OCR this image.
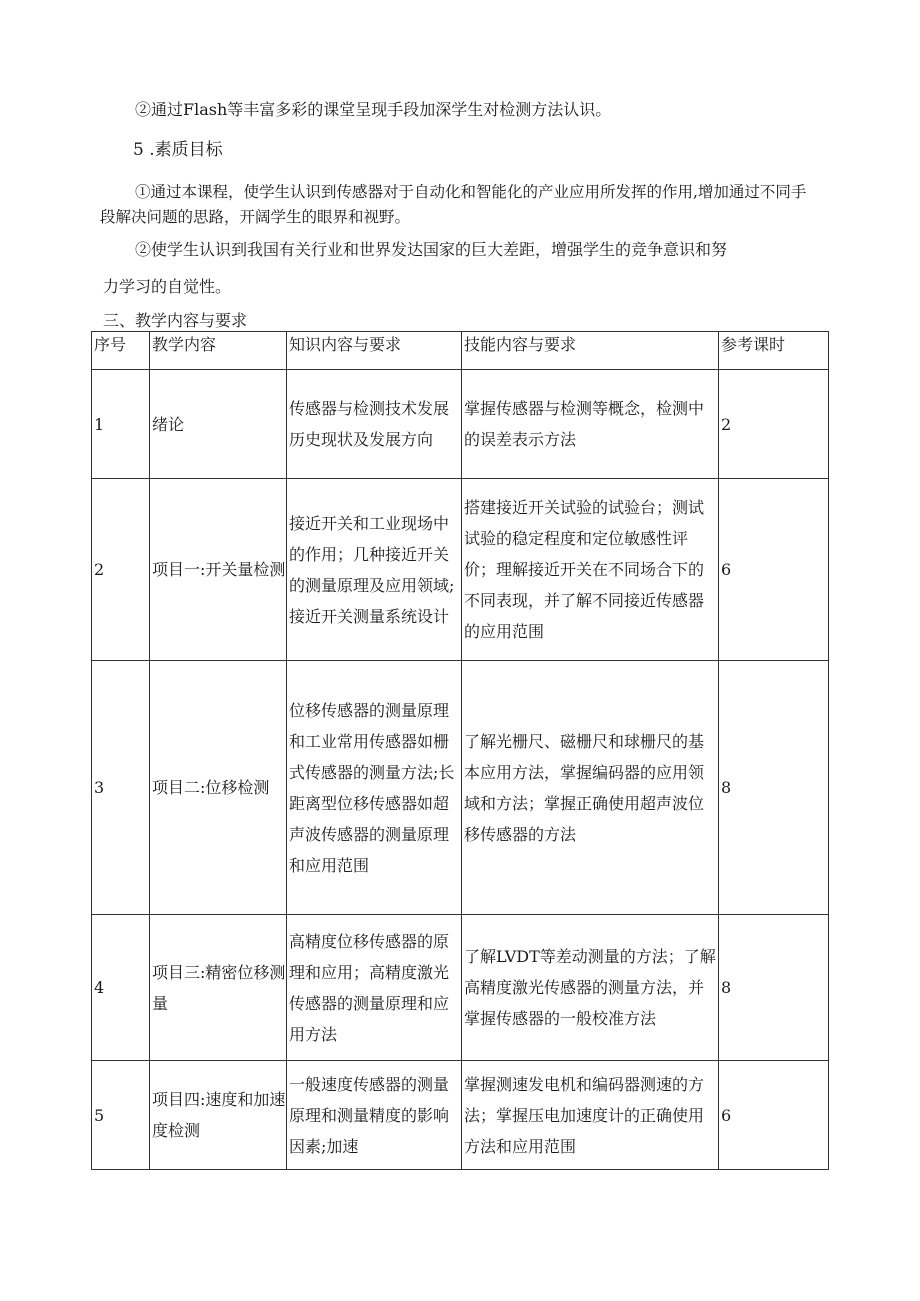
②通过Flash等丰富多彩的课堂呈现手段加深学生对检测方法认识。
5 .素质目标
①通过本课程，使学生认识到传感器对于自动化和智能化的产业应用所发挥的作用,增加通过不同手段解决问题的思路，开阔学生的眼界和视野。
②使学生认识到我国有关行业和世界发达国家的巨大差距，增强学生的竞争意识和努
力学习的自觉性。
三、教学内容与要求
序号	教学内容	知识内容与要求	技能内容与要求	参考课时
1	绪论	传感器与检测技术发展历史现状及发展方向	掌握传感器与检测等概念，检测中的误差表示方法	2
2	项目一:开关量检测	接近开关和工业现场中的作用；几种接近开关的测量原理及应用领域;接近开关测量系统设计	搭建接近开关试验的试验台；测试试验的稳定程度和定位敏感性评价；理解接近开关在不同场合下的不同表现，并了解不同接近传感器的应用范围	6
3	项目二:位移检测	位移传感器的测量原理和工业常用传感器如栅式传感器的测量方法;长距离型位移传感器如超声波传感器的测量原理和应用范围	了解光栅尺、磁栅尺和球栅尺的基本应用方法，掌握编码器的应用领域和方法；掌握正确使用超声波位移传感器的方法	8
4	项目三:精密位移测量	高精度位移传感器的原理和应用；高精度激光传感器的测量原理和应用方法	了解LVDT等差动测量的方法；了解高精度激光传感器的测量方法，并掌握传感器的一般校准方法	8
5	项目四:速度和加速度检测	一般速度传感器的测量原理和测量精度的影响因素;加速	掌握测速发电机和编码器测速的方法；掌握压电加速度计的正确使用方法和应用范围	6
